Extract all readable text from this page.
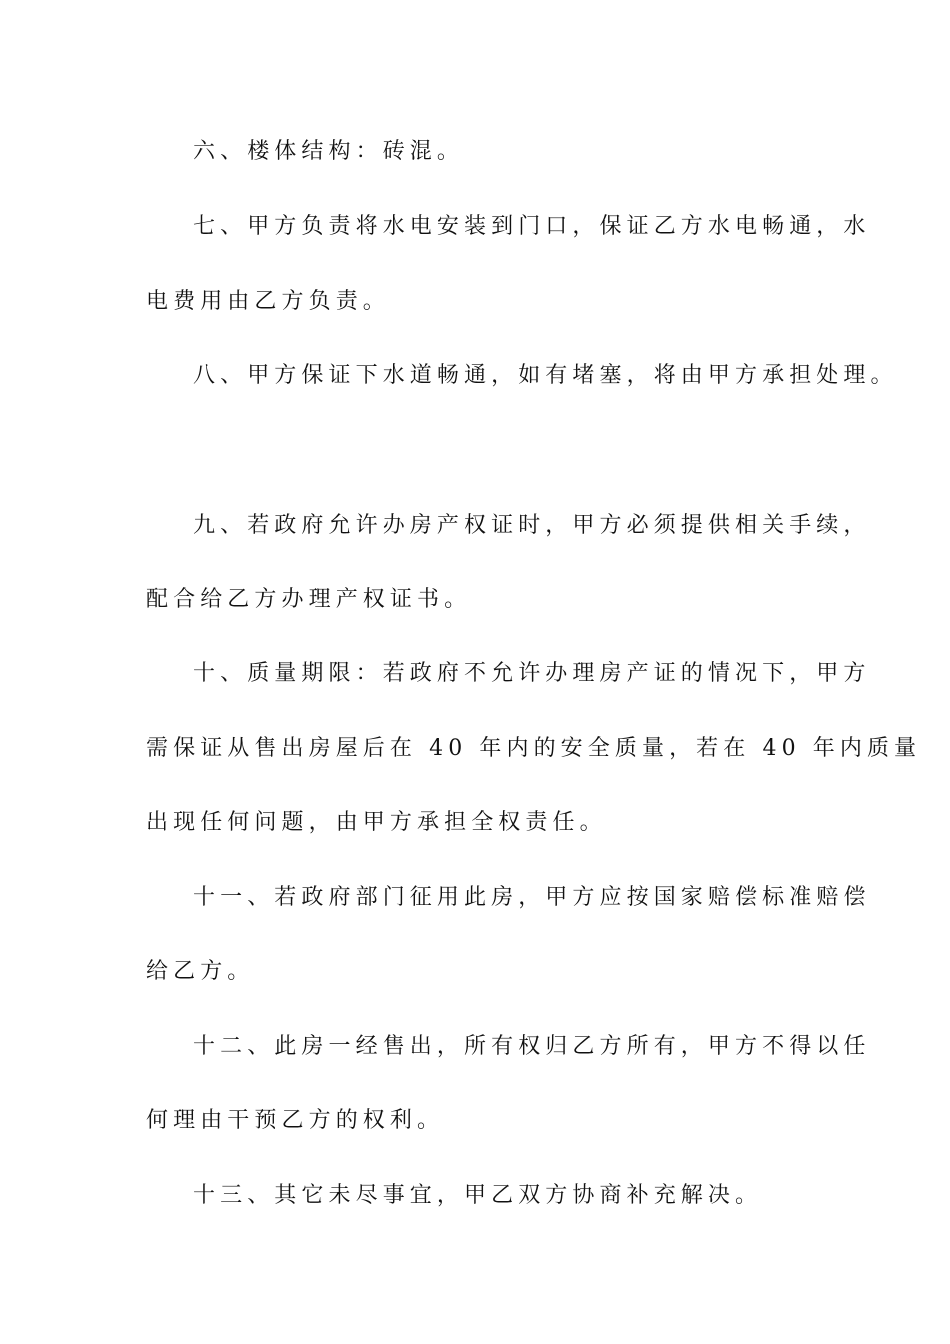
六、楼体结构：砖混。
七、甲方负责将水电安装到门口，保证乙方水电畅通，水
电费用由乙方负责。
八、甲方保证下水道畅通，如有堵塞，将由甲方承担处理。
九、若政府允许办房产权证时，甲方必须提供相关手续，
配合给乙方办理产权证书。
十、质量期限：若政府不允许办理房产证的情况下，甲方
需保证从售出房屋后在 40 年内的安全质量，若在 40 年内质量
出现任何问题，由甲方承担全权责任。
十一、若政府部门征用此房，甲方应按国家赔偿标准赔偿
给乙方。
十二、此房一经售出，所有权归乙方所有，甲方不得以任
何理由干预乙方的权利。
十三、其它未尽事宜，甲乙双方协商补充解决。
